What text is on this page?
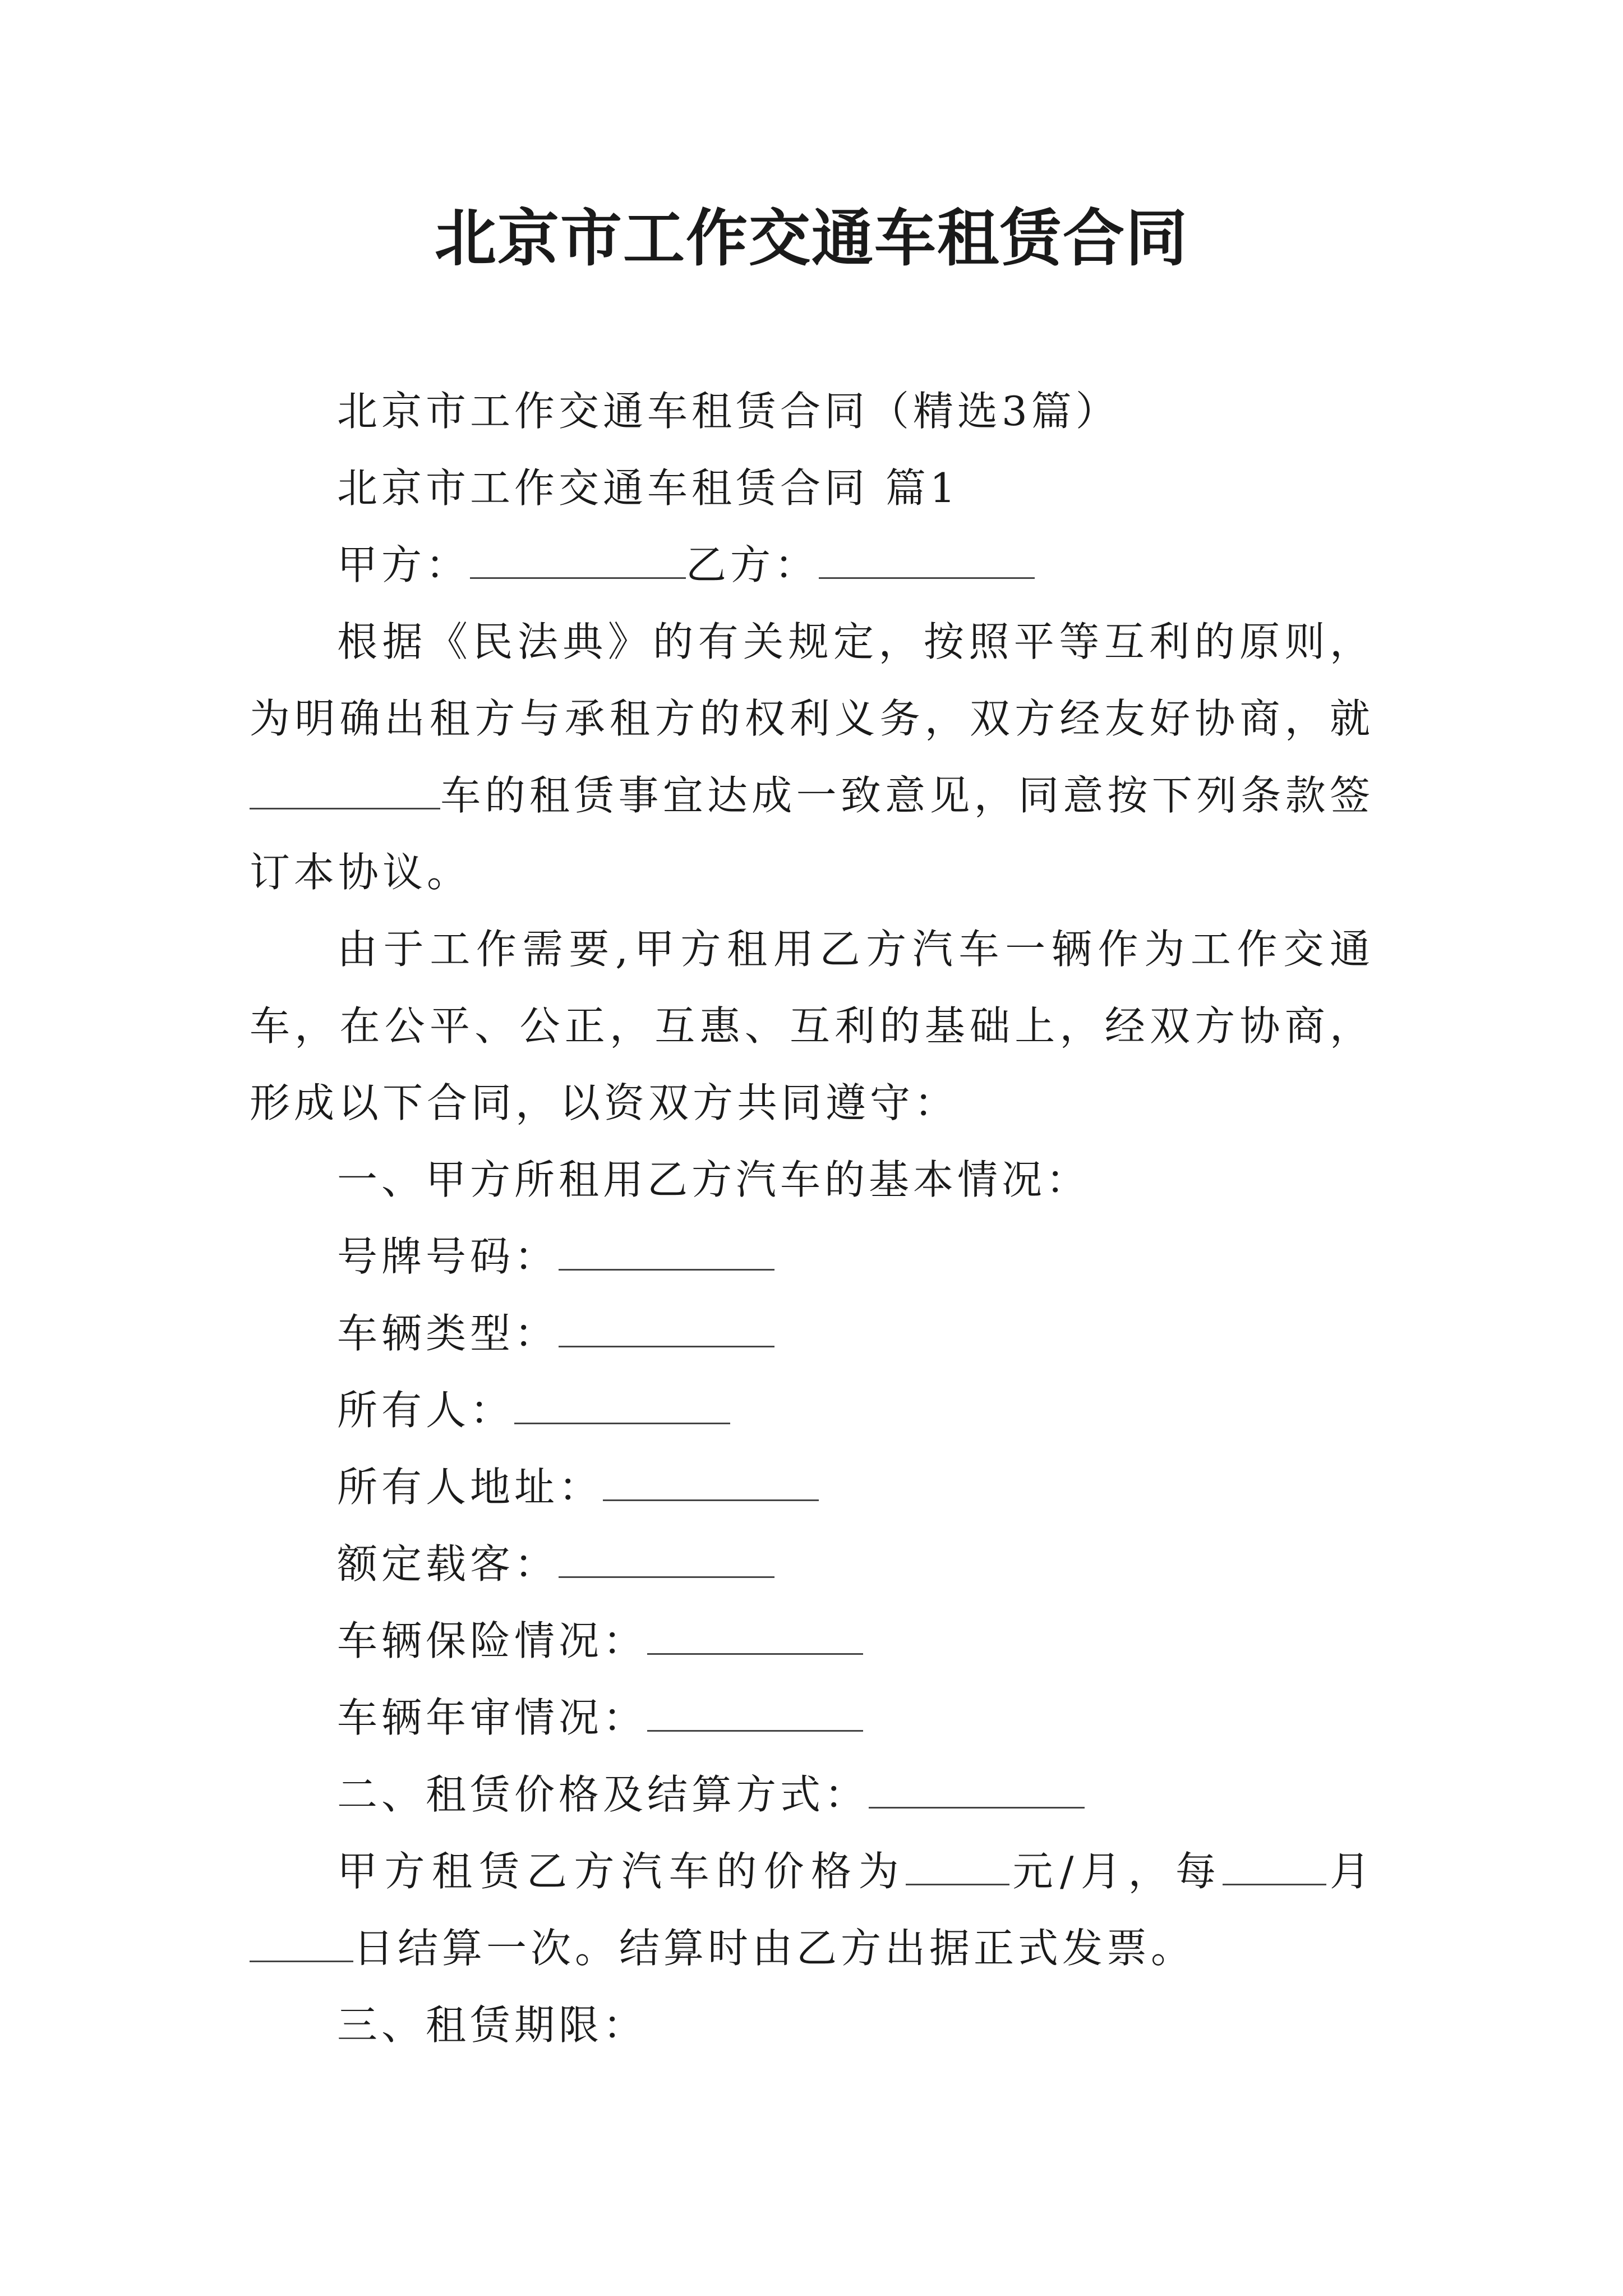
北京市工作交通车租赁合同

北京市工作交通车租赁合同（精选3篇）

北京市工作交通车租赁合同 篇1

甲方：	乙方：

根据《民法典》的有关规定，按照平等互利的原则，为明确出租方与承租方的权利义务，双方经友好协商，就车的租赁事宜达成一致意见，同意按下列条款签订本协议。

由于工作需要,甲方租用乙方汽车一辆作为工作交通车，在公平、公正，互惠、互利的基础上，经双方协商，形成以下合同，以资双方共同遵守：

一、甲方所租用乙方汽车的基本情况：

号牌号码：

车辆类型：

所有人：

所有人地址：

额定载客：

车辆保险情况：

车辆年审情况：

二、租赁价格及结算方式：

甲方租赁乙方汽车的价格为	元/月，每	月日结算一次。结算时由乙方出据正式发票。

三、租赁期限：
